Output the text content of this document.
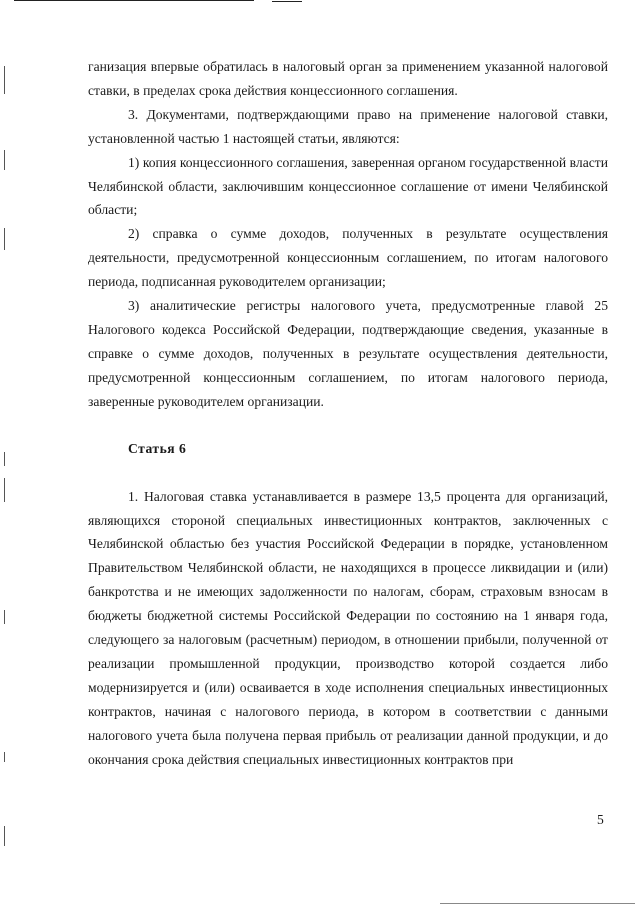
ганизация впервые обратилась в налоговый орган за применением указанной налоговой ставки, в пределах срока действия концессионного соглашения.

3. Документами, подтверждающими право на применение налоговой ставки, установленной частью 1 настоящей статьи, являются:

1) копия концессионного соглашения, заверенная органом государственной власти Челябинской области, заключившим концессионное соглашение от имени Челябинской области;

2) справка о сумме доходов, полученных в результате осуществления деятельности, предусмотренной концессионным соглашением, по итогам налогового периода, подписанная руководителем организации;

3) аналитические регистры налогового учета, предусмотренные главой 25 Налогового кодекса Российской Федерации, подтверждающие сведения, указанные в справке о сумме доходов, полученных в результате осуществления деятельности, предусмотренной концессионным соглашением, по итогам налогового периода, заверенные руководителем организации.

Статья 6

1. Налоговая ставка устанавливается в размере 13,5 процента для организаций, являющихся стороной специальных инвестиционных контрактов, заключенных с Челябинской областью без участия Российской Федерации в порядке, установленном Правительством Челябинской области, не находящихся в процессе ликвидации и (или) банкротства и не имеющих задолженности по налогам, сборам, страховым взносам в бюджеты бюджетной системы Российской Федерации по состоянию на 1 января года, следующего за налоговым (расчетным) периодом, в отношении прибыли, полученной от реализации промышленной продукции, производство которой создается либо модернизируется и (или) осваивается в ходе исполнения специальных инвестиционных контрактов, начиная с налогового периода, в котором в соответствии с данными налогового учета была получена первая прибыль от реализации данной продукции, и до окончания срока действия специальных инвестиционных контрактов при

5
